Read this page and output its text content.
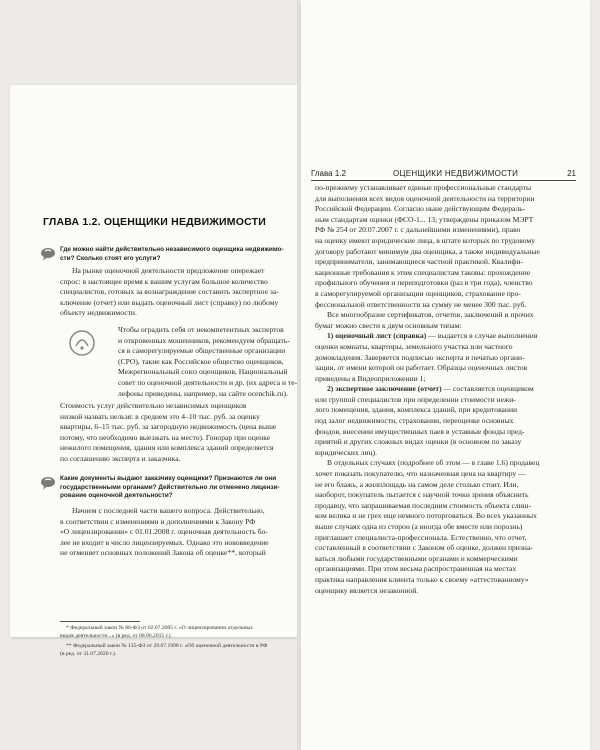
ГЛАВА 1.2. ОЦЕНЩИКИ НЕДВИЖИМОСТИ
Где можно найти действительно независимого оценщика недвижимо-
сти? Сколько стоят его услуги?
На рынке оценочной деятельности предложение опережает
спрос: в настоящее время к вашим услугам большое количество
специалистов, готовых за вознаграждение составить экспертное за-
ключение (отчет) или выдать оценочный лист (справку) по любому
объекту недвижимости.
Чтобы оградить себя от некомпетентных экспертов
и откровенных мошенников, рекомендуем обращать-
ся в саморегулируемые общественные организации
(СРО), такие как Российское общество оценщиков,
Межрегиональный союз оценщиков, Национальный
совет по оценочной деятельности и др. (их адреса и те-
лефоны приведены, например, на сайте ocenchik.ru).
Стоимость услуг действительно независимых оценщиков
низкой назвать нельзя: в среднем это 4–10 тыс. руб. за оценку
квартиры, 6–15 тыс. руб. за загородную недвижимость (цена выше
потому, что необходимо выезжать на место). Гонорар при оценке
нежилого помещения, здания или комплекса зданий определяется
по соглашению эксперта и заказчика.
Какие документы выдают заказчику оценщики? Признаются ли они
государственными органами? Действительно ли отменено лицензи-
рование оценочной деятельности?
Начнем с последней части вашего вопроса. Действительно,
в соответствии с изменениями и дополнениями к Закону РФ
«О лицензировании» с 01.01.2008 г. оценочная деятельность бо-
лее не входит в число лицензируемых. Однако это нововведение
не отменяет основных положений Закона об оценке**, который
* Федеральный закон № 80-ФЗ от 02.07.2005 г. «О лицензировании отдельных
видов деятельности...» (в ред. от 08.06.2015 г.).
** Федеральный закон № 135-ФЗ от 29.07.1998 г. «Об оценочной деятельности в РФ
(в ред. от 31.07.2020 г.).
Глава 1.2	ОЦЕНЩИКИ НЕДВИЖИМОСТИ	21
по-прежнему устанавливает единые профессиональные стандарты
для выполнения всех видов оценочной деятельности на территории
Российской Федерации. Согласно ныне действующим Федераль-
ным стандартам оценки (ФСО-1... 13; утверждены приказом МЭРТ
РФ № 254 от 20.07.2007 г. с дальнейшими изменениями), право
на оценку имеют юридические лица, в штате которых по трудовому
договору работают минимум два оценщика, а также индивидуальные
предприниматели, занимающиеся частной практикой. Квалифи-
кационные требования к этим специалистам таковы: прохождение
профильного обучения и переподготовки (раз в три года), членство
в саморегулируемой организации оценщиков, страхование про-
фессиональной ответственности на сумму не менее 300 тыс. руб.
Все многообразие сертификатов, отчетов, заключений и прочих
бумаг можно свести к двум основным типам:
1) оценочный лист (справка) — выдается в случае выполнения
оценки комнаты, квартиры, земельного участка или частного
домовладения. Заверяется подписью эксперта и печатью органи-
зации, от имени которой он работает. Образцы оценочных листов
приведены в Видеоприложении 1;
2) экспертное заключение (отчет) — составляется оценщиком
или группой специалистов при определении стоимости нежи-
лого помещения, здания, комплекса зданий, при кредитовании
под залог недвижимости, страховании, переоценке основных
фондов, внесении имущественных паев в уставные фонды пред-
приятий и других сложных видах оценки (в основном по заказу
юридических лиц).
В отдельных случаях (подробнее об этом — в главе 1.6) продавец
хочет показать покупателю, что назначенная цена на квартиру —
не его блажь, а жилплощадь на самом деле столько стоит. Или,
наоборот, покупатель пытается с научной точки зрения объяснить
продавцу, что запрашиваемая последним стоимость объекта слиш-
ком велика и не грех еще немного поторговаться. Во всех указанных
выше случаях одна из сторон (а иногда обе вместе или порознь)
приглашает специалиста-профессионала. Естественно, что отчет,
составленный в соответствии с Законом об оценке, должен призна-
ваться любыми государственными органами и коммерческими
организациями. При этом весьма распространенная на местах
практика направления клиента только к своему «аттестованному»
оценщику является незаконной.
